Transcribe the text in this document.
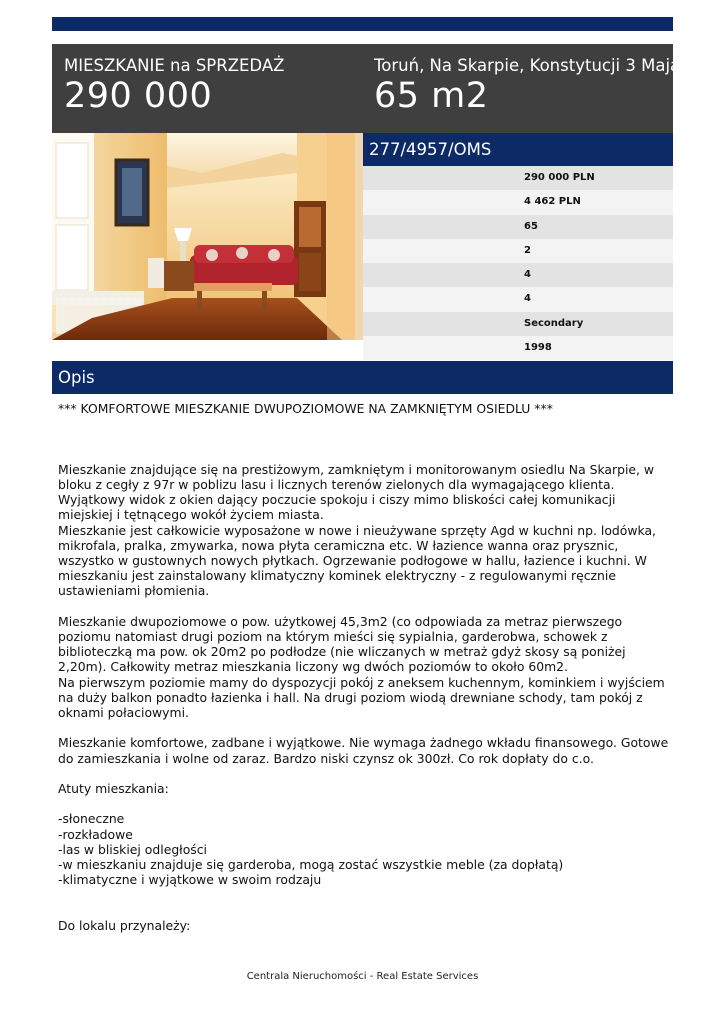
MIESZKANIE na SPRZEDAŻ
290 000
Toruń, Na Skarpie, Konstytucji 3 Maja
65 m2
277/4957/OMS
290 000 PLN
4 462 PLN
65
2
4
4
Secondary
1998
Opis

*** KOMFORTOWE MIESZKANIE DWUPOZIOMOWE NA ZAMKNIĘTYM OSIEDLU ***

Mieszkanie znajdujące się na prestiżowym, zamkniętym i monitorowanym osiedlu Na Skarpie, w bloku z cegły z 97r w poblizu lasu i licznych terenów zielonych dla wymagającego klienta.
Wyjątkowy widok z okien dający poczucie spokoju i ciszy mimo bliskości całej komunikacji miejskiej i tętnącego wokół życiem miasta.
Mieszkanie jest całkowicie wyposażone w nowe i nieużywane sprzęty Agd w kuchni np. lodówka, mikrofala, pralka, zmywarka, nowa płyta ceramiczna etc. W łazience wanna oraz prysznic, wszystko w gustownych nowych płytkach. Ogrzewanie podłogowe w hallu, łazience i kuchni. W mieszkaniu jest zainstalowany klimatyczny kominek elektryczny - z regulowanymi ręcznie ustawieniami płomienia.

Mieszkanie dwupoziomowe o pow. użytkowej 45,3m2 (co odpowiada za metraz pierwszego poziomu natomiast drugi poziom na którym mieści się sypialnia, garderobwa, schowek z biblioteczką ma pow. ok 20m2 po podłodze (nie wliczanych w metraż gdyż skosy są poniżej 2,20m). Całkowity metraz mieszkania liczony wg dwóch poziomów to około 60m2.
Na pierwszym poziomie mamy do dyspozycji pokój z aneksem kuchennym, kominkiem i wyjściem na duży balkon ponadto łazienka i hall. Na drugi poziom wiodą drewniane schody, tam pokój z oknami połaciowymi.

Mieszkanie komfortowe, zadbane i wyjątkowe. Nie wymaga żadnego wkładu finansowego. Gotowe do zamieszkania i wolne od zaraz. Bardzo niski czynsz ok 300zł. Co rok dopłaty do c.o.

Atuty mieszkania:

-słoneczne
-rozkładowe
-las w bliskiej odległości
-w mieszkaniu znajduje się garderoba, mogą zostać wszystkie meble (za dopłatą)
-klimatyczne i wyjątkowe w swoim rodzaju

Do lokalu przynależy:

Centrala Nieruchomości - Real Estate Services
